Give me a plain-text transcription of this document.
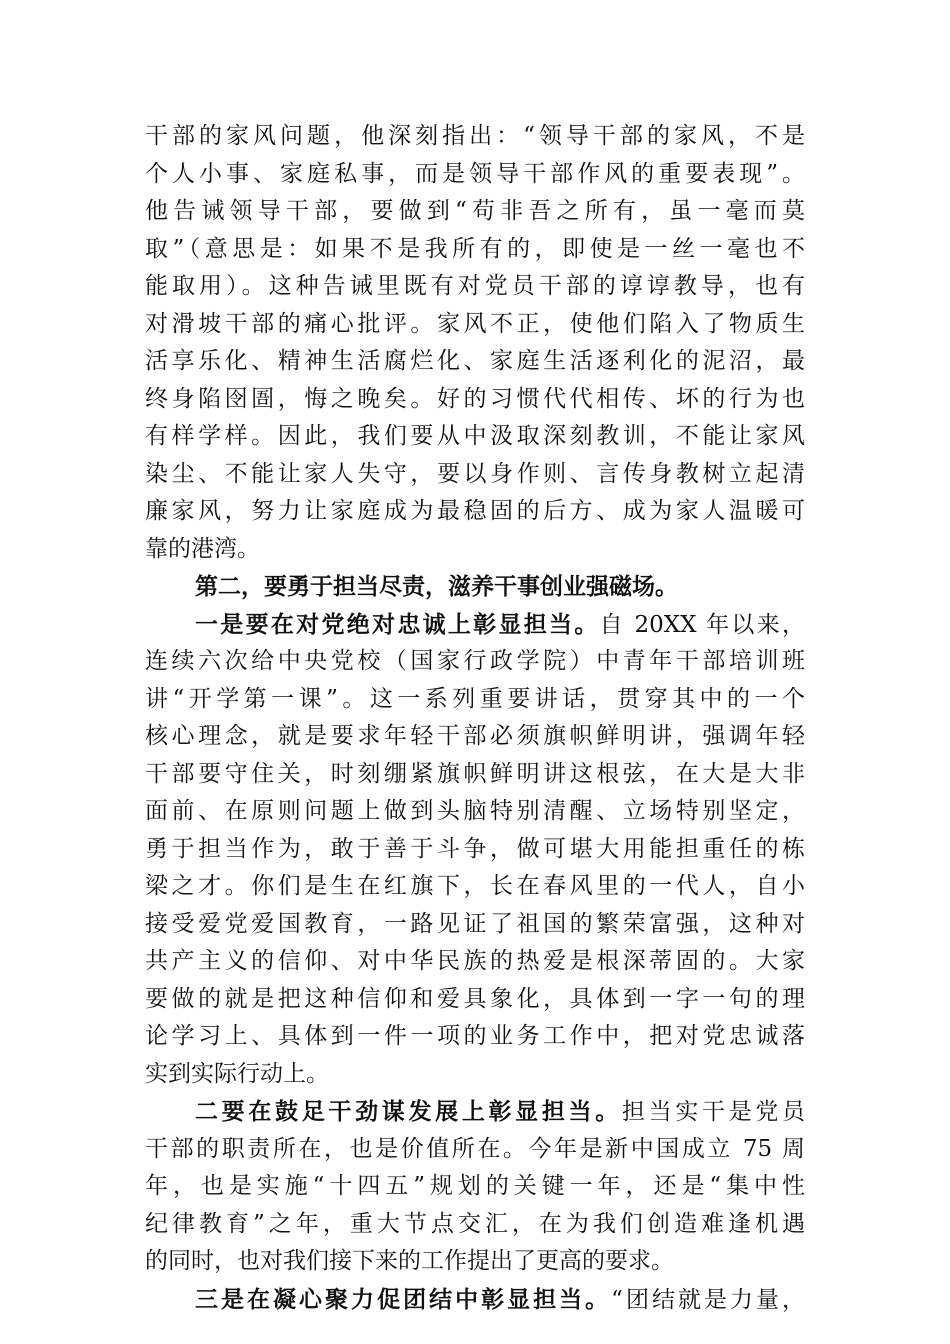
干部的家风问题，他深刻指出：“领导干部的家风，不是
个人小事、家庭私事，而是领导干部作风的重要表现”。
他告诫领导干部，要做到“苟非吾之所有，虽一毫而莫
取”（意思是：如果不是我所有的，即使是一丝一毫也不
能取用）。这种告诫里既有对党员干部的谆谆教导，也有
对滑坡干部的痛心批评。家风不正，使他们陷入了物质生
活享乐化、精神生活腐烂化、家庭生活逐利化的泥沼，最
终身陷囹圄，悔之晚矣。好的习惯代代相传、坏的行为也
有样学样。因此，我们要从中汲取深刻教训，不能让家风
染尘、不能让家人失守，要以身作则、言传身教树立起清
廉家风，努力让家庭成为最稳固的后方、成为家人温暖可
靠的港湾。
第二，要勇于担当尽责，滋养干事创业强磁场。
一是要在对党绝对忠诚上彰显担当。自 20XX 年以来，
连续六次给中央党校（国家行政学院）中青年干部培训班
讲“开学第一课”。这一系列重要讲话，贯穿其中的一个
核心理念，就是要求年轻干部必须旗帜鲜明讲，强调年轻
干部要守住关，时刻绷紧旗帜鲜明讲这根弦，在大是大非
面前、在原则问题上做到头脑特别清醒、立场特别坚定，
勇于担当作为，敢于善于斗争，做可堪大用能担重任的栋
梁之才。你们是生在红旗下，长在春风里的一代人，自小
接受爱党爱国教育，一路见证了祖国的繁荣富强，这种对
共产主义的信仰、对中华民族的热爱是根深蒂固的。大家
要做的就是把这种信仰和爱具象化，具体到一字一句的理
论学习上、具体到一件一项的业务工作中，把对党忠诚落
实到实际行动上。
二要在鼓足干劲谋发展上彰显担当。担当实干是党员
干部的职责所在，也是价值所在。今年是新中国成立 75 周
年，也是实施“十四五”规划的关键一年，还是“集中性
纪律教育”之年，重大节点交汇，在为我们创造难逢机遇
的同时，也对我们接下来的工作提出了更高的要求。
三是在凝心聚力促团结中彰显担当。“团结就是力量，
